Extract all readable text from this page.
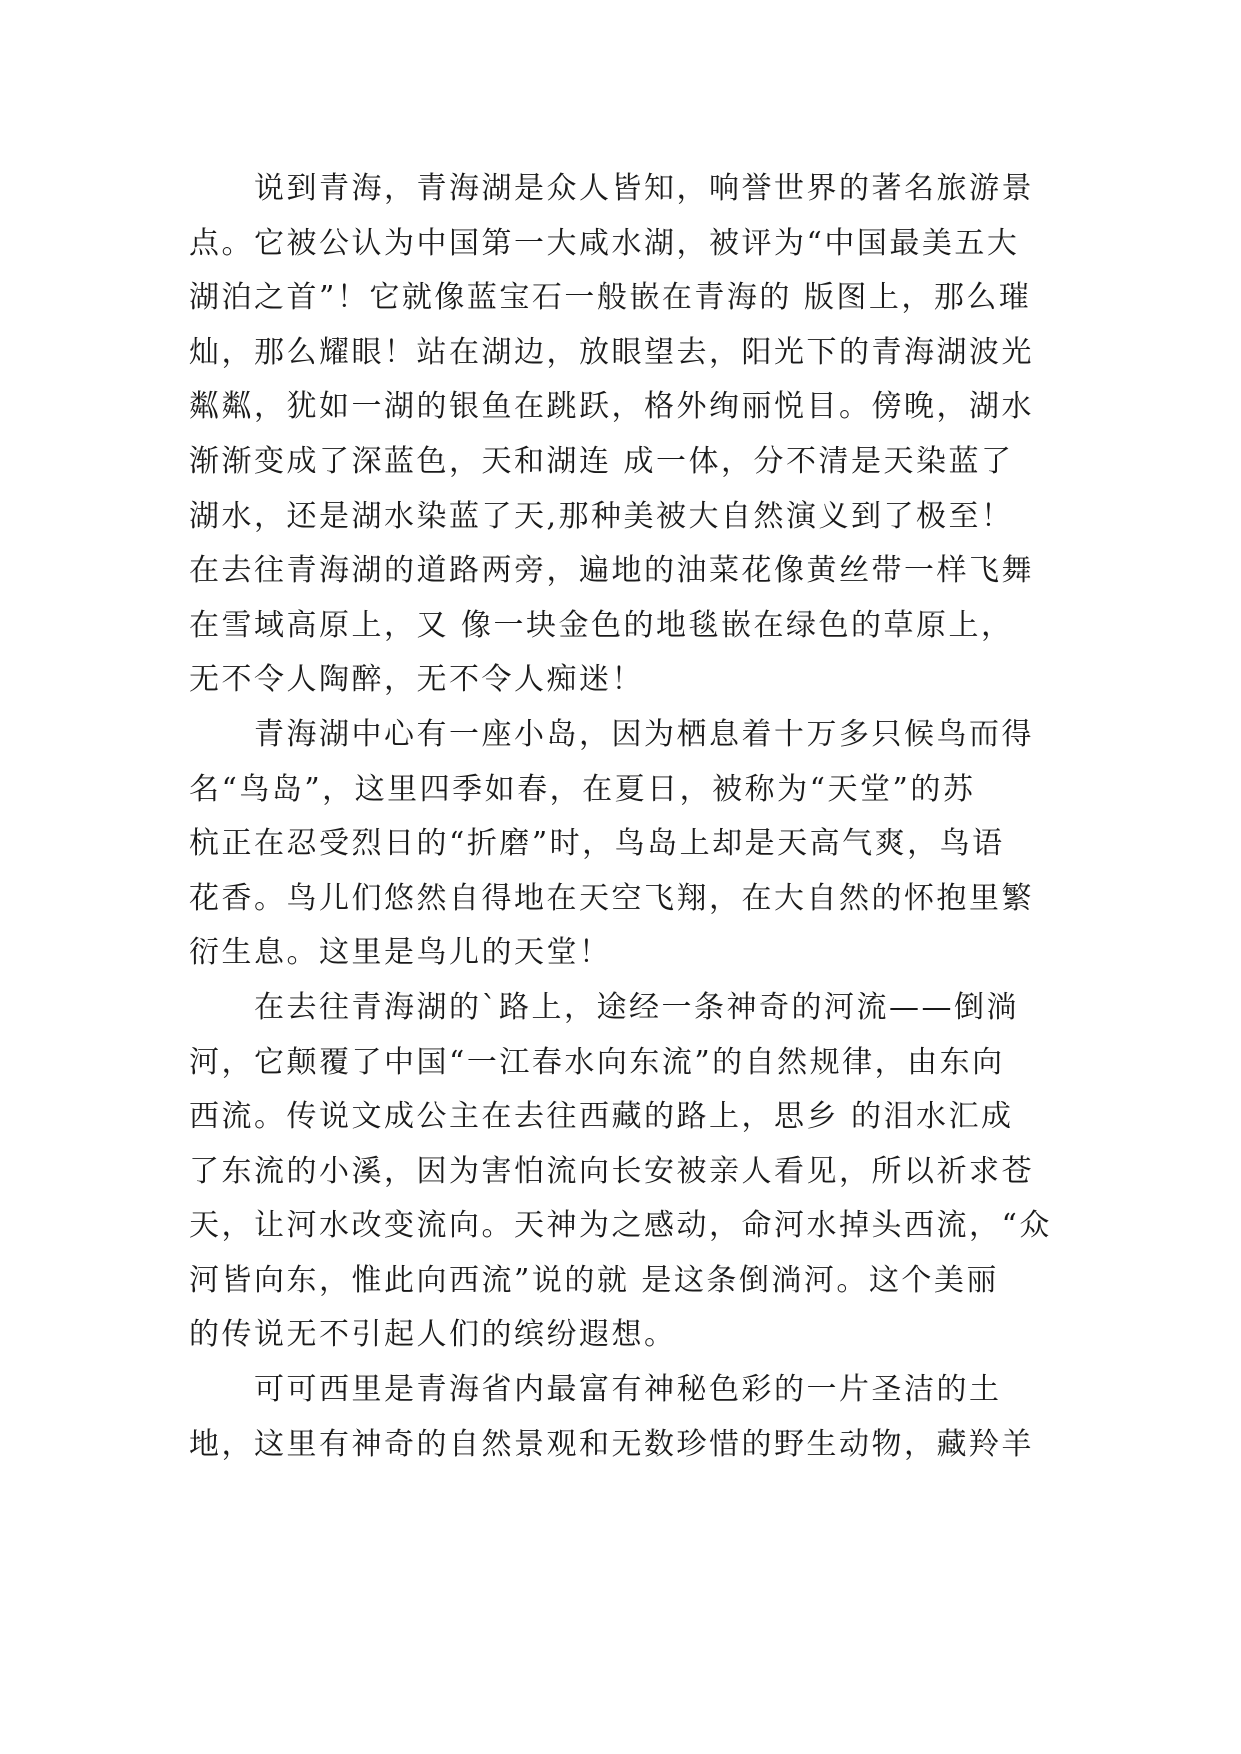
　　说到青海，青海湖是众人皆知，响誉世界的著名旅游景
点。它被公认为中国第一大咸水湖，被评为“中国最美五大
湖泊之首”！它就像蓝宝石一般嵌在青海的 版图上，那么璀
灿，那么耀眼！站在湖边，放眼望去，阳光下的青海湖波光
粼粼，犹如一湖的银鱼在跳跃，格外绚丽悦目。傍晚，湖水
渐渐变成了深蓝色，天和湖连 成一体，分不清是天染蓝了
湖水，还是湖水染蓝了天,那种美被大自然演义到了极至！
在去往青海湖的道路两旁，遍地的油菜花像黄丝带一样飞舞
在雪域高原上，又 像一块金色的地毯嵌在绿色的草原上，
无不令人陶醉，无不令人痴迷！
　　青海湖中心有一座小岛，因为栖息着十万多只候鸟而得
名“鸟岛”，这里四季如春，在夏日，被称为“天堂”的苏
杭正在忍受烈日的“折磨”时，鸟岛上却是天高气爽，鸟语
花香。鸟儿们悠然自得地在天空飞翔，在大自然的怀抱里繁
衍生息。这里是鸟儿的天堂！
　　在去往青海湖的`路上，途经一条神奇的河流——倒淌
河，它颠覆了中国“一江春水向东流”的自然规律，由东向
西流。传说文成公主在去往西藏的路上，思乡 的泪水汇成
了东流的小溪，因为害怕流向长安被亲人看见，所以祈求苍
天，让河水改变流向。天神为之感动，命河水掉头西流，“众
河皆向东，惟此向西流”说的就 是这条倒淌河。这个美丽
的传说无不引起人们的缤纷遐想。
　　可可西里是青海省内最富有神秘色彩的一片圣洁的土
地，这里有神奇的自然景观和无数珍惜的野生动物，藏羚羊
